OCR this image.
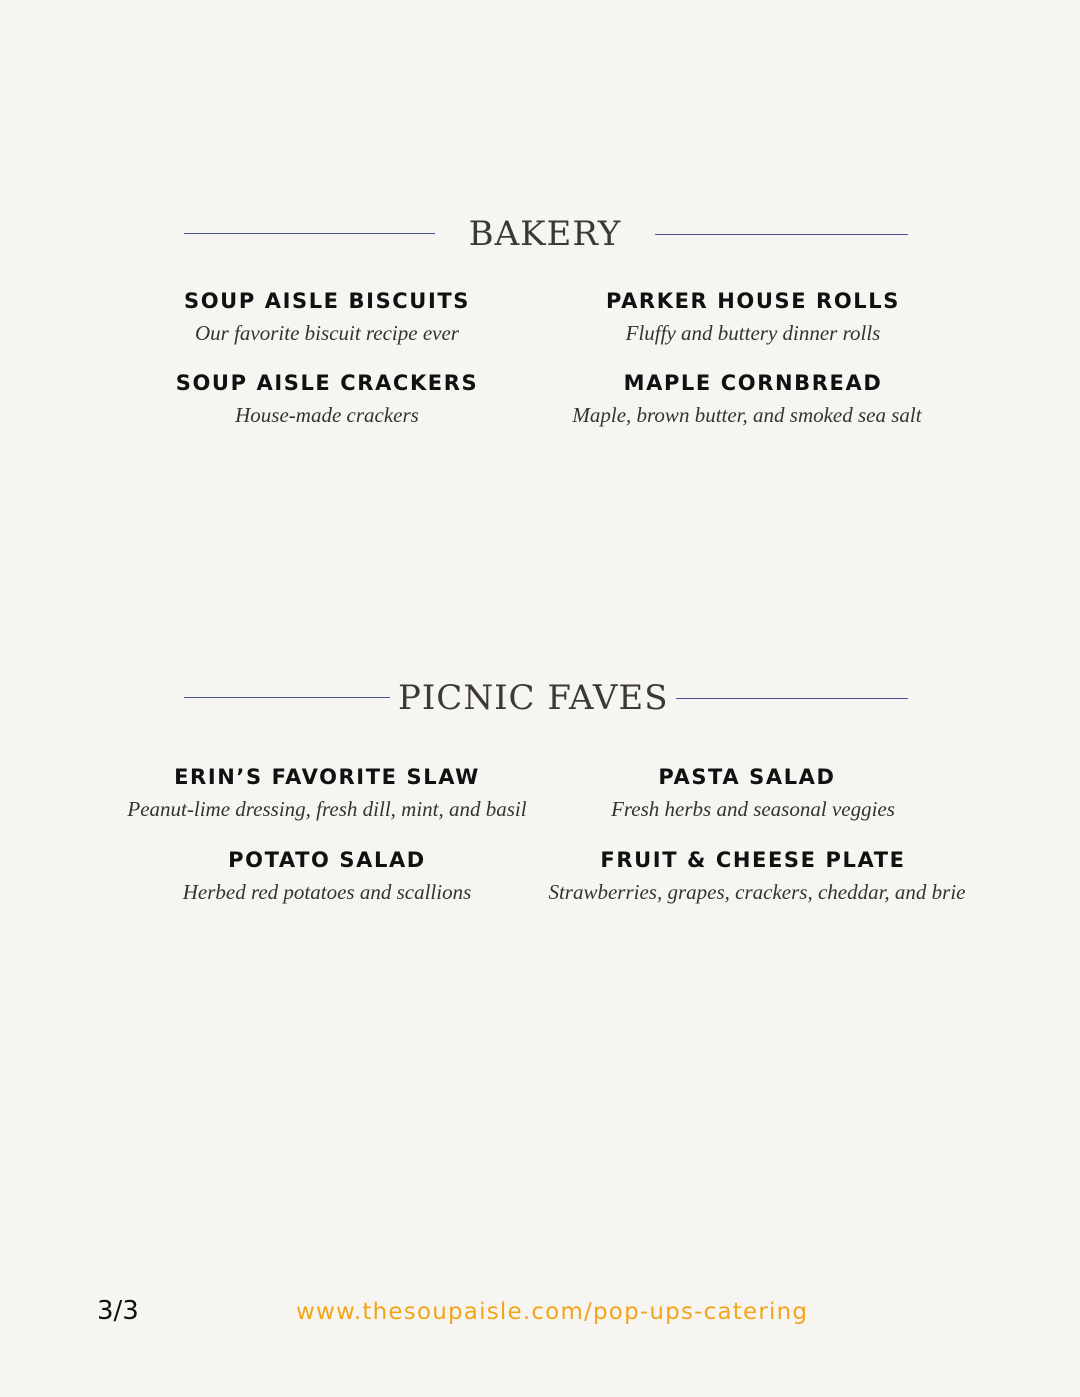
BAKERY
SOUP AISLE BISCUITS
Our favorite biscuit recipe ever
PARKER HOUSE ROLLS
Fluffy and buttery dinner rolls
SOUP AISLE CRACKERS
House-made crackers
MAPLE CORNBREAD
Maple, brown butter, and smoked sea salt
PICNIC FAVES
ERIN’S FAVORITE SLAW
Peanut-lime dressing, fresh dill, mint, and basil
PASTA SALAD
Fresh herbs and seasonal veggies
POTATO SALAD
Herbed red potatoes and scallions
FRUIT & CHEESE PLATE
Strawberries, grapes, crackers, cheddar, and brie
3/3	www.thesoupaisle.com/pop-ups-catering
